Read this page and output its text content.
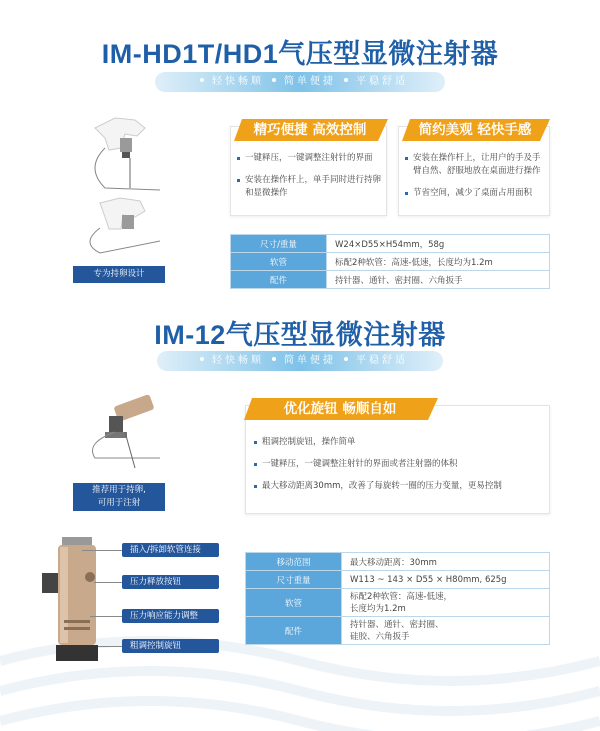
IM-HD1T/HD1气压型显微注射器
轻快畅顺 简单便捷 平稳舒适
专为持卵设计
精巧便捷 高效控制
一键释压，一键调整注射针的界面
安装在操作杆上，单手同时进行持卵和显微操作
简约美观 轻快手感
安装在操作杆上，让用户的手及手臂自然、舒服地放在桌面进行操作
节省空间，减少了桌面占用面积
尺寸/重量	W24×D55×H54mm，58g
软管	标配2种软管：高速-低速，长度均为1.2m
配件	持针器、通针、密封圈、六角扳手
IM-12气压型显微注射器
轻快畅顺 简单便捷 平稳舒适
推荐用于持卵,
可用于注射
优化旋钮 畅顺自如
粗调控制旋钮，操作简单
一键释压，一键调整注射针的界面或者注射器的体积
最大移动距离30mm，改善了每旋转一圈的压力变量，更易控制
插入/拆卸软管连接
压力释放按钮
压力响应能力调整
粗调控制旋钮
移动范围	最大移动距离：30mm
尺寸重量	W113 ~ 143 × D55 × H80mm, 625g
软管	标配2种软管：高速-低速，
长度均为1.2m
配件	持针器、通针、密封圈、
硅胶、六角扳手
